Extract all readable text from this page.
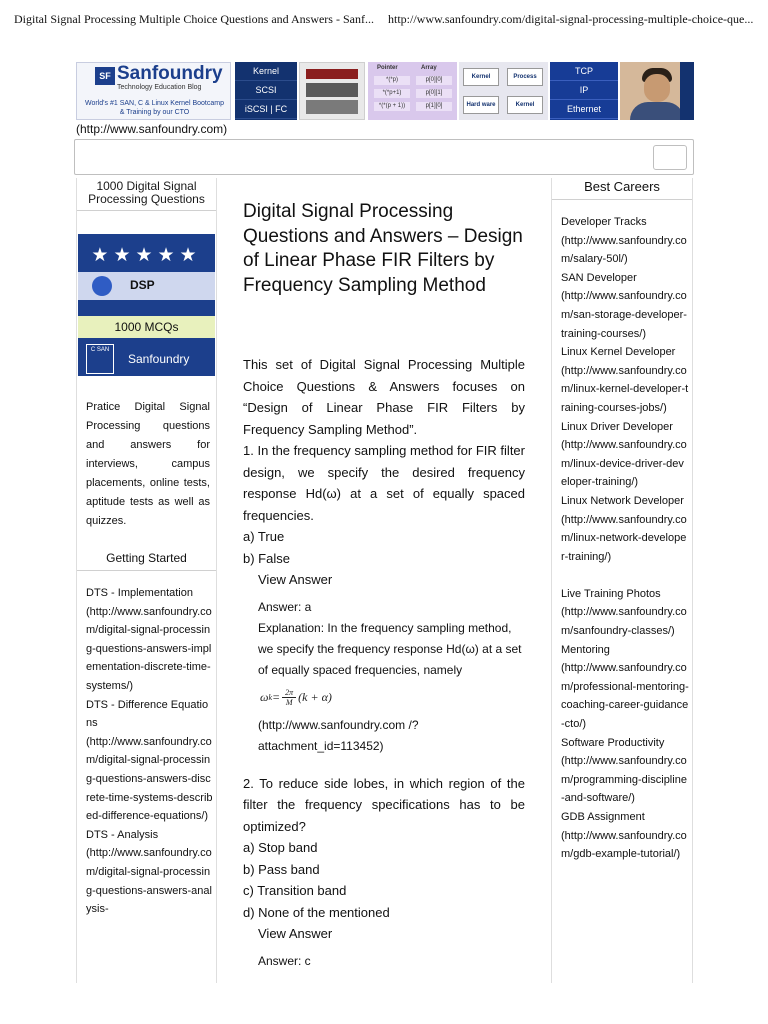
Digital Signal Processing Multiple Choice Questions and Answers - Sanf... http://www.sanfoundry.com/digital-signal-processing-multiple-choice-que...
SF Sanfoundry
Technology Education Blog
World's #1 SAN, C & Linux Kernel Bootcamp & Training by our CTO
Kernel
SCSI
iSCSI | FC
Pointer	Array
*(*p)
*(*p+1)
*(*(p + 1))
p[0][0]
p[0][1]
p[1][0]
Kernel	Process
Hard ware	Kernel
TCP
IP
Ethernet
(http://www.sanfoundry.com)
1000 Digital Signal Processing Questions
★★★★★
DSP
1000 MCQs
C SAN
Sanfoundry
Pratice Digital Signal Processing questions and answers for interviews, campus placements, online tests, aptitude tests as well as quizzes.
Getting Started
DTS - Implementation
(http://www.sanfoundry.com/digital-signal-processing-questions-answers-implementation-discrete-time-systems/)
DTS - Difference Equations
(http://www.sanfoundry.com/digital-signal-processing-questions-answers-discrete-time-systems-described-difference-equations/)
DTS - Analysis
(http://www.sanfoundry.com/digital-signal-processing-questions-answers-analysis-
Digital Signal Processing Questions and Answers – Design of Linear Phase FIR Filters by Frequency Sampling Method
This set of Digital Signal Processing Multiple Choice Questions & Answers focuses on “Design of Linear Phase FIR Filters by Frequency Sampling Method”.
1. In the frequency sampling method for FIR filter design, we specify the desired frequency response Hd(ω) at a set of equally spaced frequencies.
a) True
b) False
View Answer
Answer: a
Explanation: In the frequency sampling method, we specify the frequency response Hd(ω) at a set of equally spaced frequencies, namely
ω $k = \frac{2\pi}{M} (k + \alpha)$
(http://www.sanfoundry.com /?attachment_id=113452)
2. To reduce side lobes, in which region of the filter the frequency specifications has to be optimized?
a) Stop band
b) Pass band
c) Transition band
d) None of the mentioned
View Answer
Answer: c
Best Careers
Developer Tracks
(http://www.sanfoundry.com/salary-50l/)
SAN Developer
(http://www.sanfoundry.com/san-storage-developer-training-courses/)
Linux Kernel Developer
(http://www.sanfoundry.com/linux-kernel-developer-training-courses-jobs/)
Linux Driver Developer
(http://www.sanfoundry.com/linux-device-driver-developer-training/)
Linux Network Developer
(http://www.sanfoundry.com/linux-network-developer-training/)
Live Training Photos
(http://www.sanfoundry.com/sanfoundry-classes/)
Mentoring
(http://www.sanfoundry.com/professional-mentoring-coaching-career-guidance-cto/)
Software Productivity
(http://www.sanfoundry.com/programming-discipline-and-software/)
GDB Assignment
(http://www.sanfoundry.com/gdb-example-tutorial/)
